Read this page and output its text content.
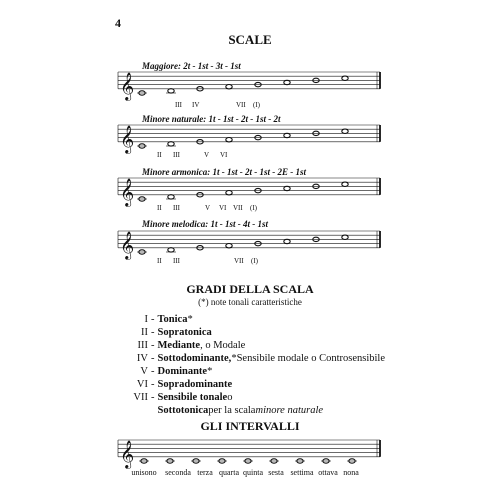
4
SCALE
Maggiore: 2t - 1st - 3t - 1st
Minore naturale: 1t - 1st - 2t - 1st - 2t
Minore armonica: 1t - 1st - 2t - 1st - 2E - 1st
Minore melodica: 1t - 1st - 4t - 1st
III IV	VII (I)
II III	V VI
II III	V VI VII (I)
II III	VII (I)
𝄞
𝄞
𝄞
𝄞
𝄞
GRADI DELLA SCALA
(*) note tonali caratteristiche
I - Tonica *
II - Sopratonica
III - Mediante , o Modale
IV - Sottodominante, * Sensibile modale o Controsensibile
V - Dominante *
VI - Sopradominante
VII - Sensibile tonale o
Sottotonica per la scala minore naturale
GLI INTERVALLI
unisono seconda terza quarta quinta sesta settima ottava nona
